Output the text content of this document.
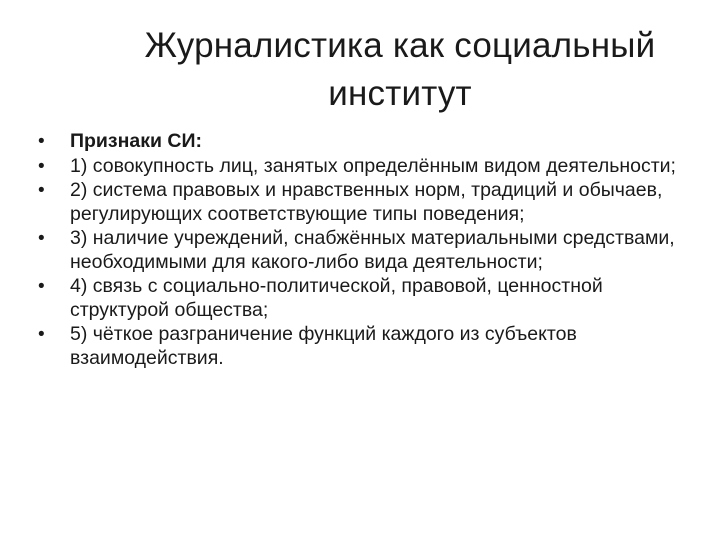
Журналистика как социальный
институт
•	Признаки СИ:
•	1) совокупность лиц, занятых определённым видом деятельности;
•	2) система правовых и нравственных норм, традиций и обычаев, регулирующих соответствующие типы поведения;
•	3) наличие учреждений, снабжённых материальными средствами, необходимыми для какого-либо вида деятельности;
•	4) связь с социально-политической, правовой, ценностной структурой общества;
•	5) чёткое разграничение функций каждого из субъектов взаимодействия.
